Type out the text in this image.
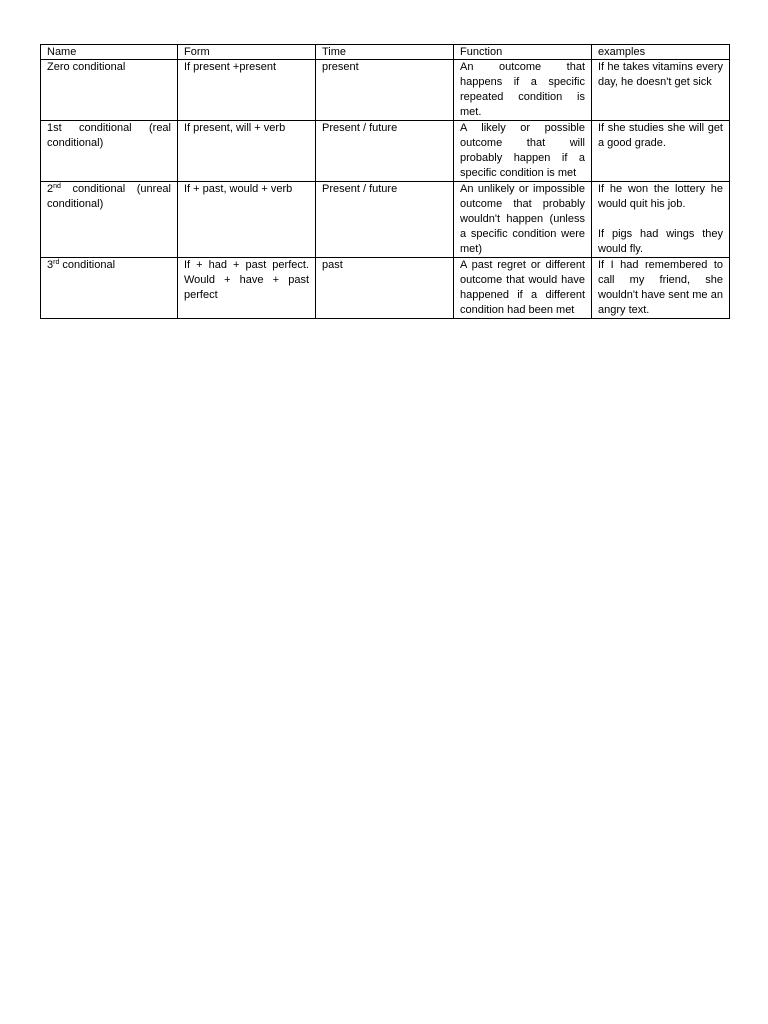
Name	Form	Time	Function	examples
Zero conditional	If present +present	present	An outcome that happens if a specific repeated condition is met.	If he takes vitamins every day, he doesn't get sick

1st conditional (real conditional)	If present, will + verb	Present / future	A likely or possible outcome that will probably happen if a specific condition is met	If she studies she will get a good grade.

2nd conditional (unreal conditional)	If + past, would + verb	Present / future	An unlikely or impossible outcome that probably wouldn't happen (unless a specific condition were met)	If he won the lottery he would quit his job.
If pigs had wings they would fly.

3rd conditional	If + had + past perfect. Would + have + past perfect	past	A past regret or different outcome that would have happened if a different condition had been met	If I had remembered to call my friend, she wouldn't have sent me an angry text.
